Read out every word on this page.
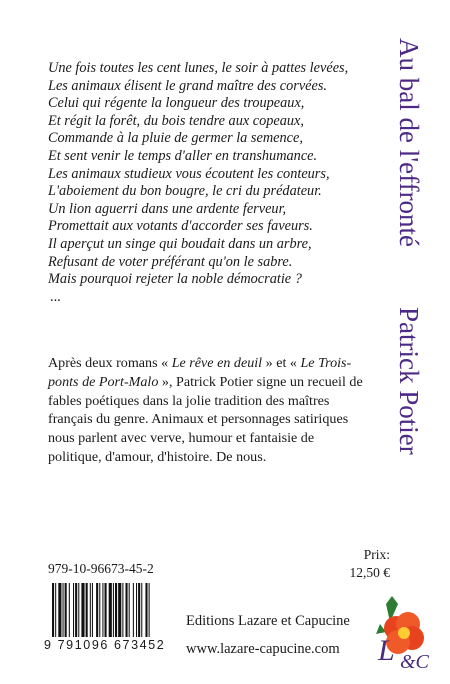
Une fois toutes les cent lunes, le soir à pattes levées,
Les animaux élisent le grand maître des corvées.
Celui qui régente la longueur des troupeaux,
Et régit la forêt, du bois tendre aux copeaux,
Commande à la pluie de germer la semence,
Et sent venir le temps d'aller en transhumance.
Les animaux studieux vous écoutent les conteurs,
L'aboiement du bon bougre, le cri du prédateur.
Un lion aguerri dans une ardente ferveur,
Promettait aux votants d'accorder ses faveurs.
Il aperçut un singe qui boudait dans un arbre,
Refusant de voter préférant qu'on le sabre.
Mais pourquoi rejeter la noble démocratie ?
...
Au bal de l'effrontéPatrick Potier

Après deux romans « Le rêve en deuil » et « Le Trois-ponts de Port-Malo », Patrick Potier signe un recueil de fables poétiques dans la jolie tradition des maîtres français du genre. Animaux et personnages satiriques nous parlent avec verve, humour et fantaisie de politique, d'amour, d'histoire. De nous.

979-10-96673-45-2
9 791096 673452
Prix:
12,50 €
Editions Lazare et Capucine
www.lazare-capucine.com L &C
